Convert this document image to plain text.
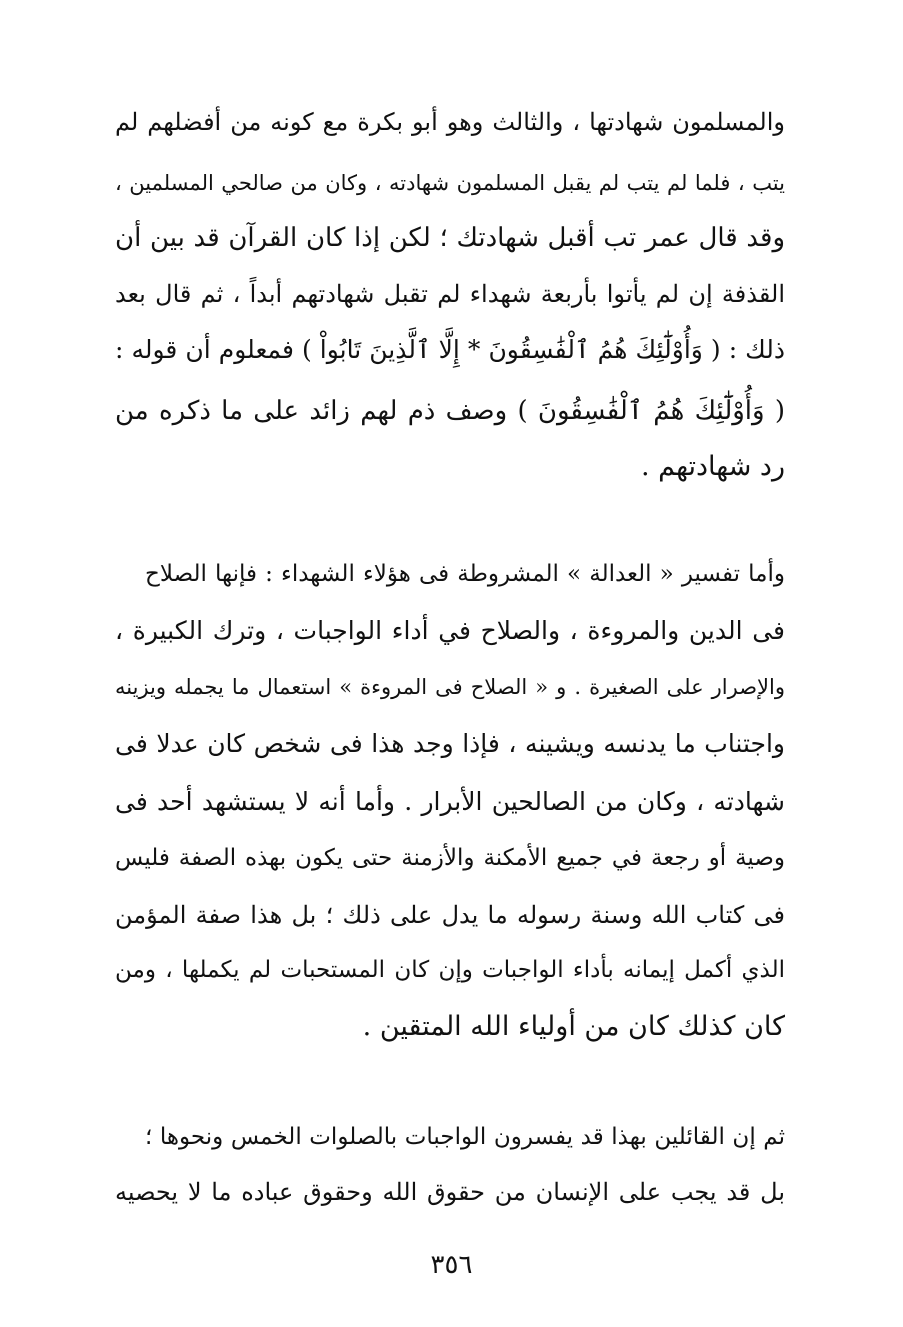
والمسلمون شهادتها ، والثالث وهو أبو بكرة مع كونه من أفضلهم لم
يتب ، فلما لم يتب لم يقبل المسلمون شهادته ، وكان من صالحي المسلمين ،
وقد قال عمر تب أقبل شهادتك ؛ لكن إذا كان القرآن قد بين أن
القذفة إن لم يأتوا بأربعة شهداء لم تقبل شهادتهم أبداً ، ثم قال بعد
ذلك : ( وَأُوْلَٰٓئِكَ هُمُ ٱلْفَٰسِقُونَ * إِلَّا ٱلَّذِينَ تَابُواْ ) فمعلوم أن قوله :
( وَأُوْلَٰٓئِكَ هُمُ ٱلْفَٰسِقُونَ ) وصف ذم لهم زائد على ما ذكره من
رد شهادتهم .
وأما تفسير « العدالة » المشروطة فى هؤلاء الشهداء : فإنها الصلاح
فى الدين والمروءة ، والصلاح في أداء الواجبات ، وترك الكبيرة ،
والإصرار على الصغيرة . و « الصلاح فى المروءة » استعمال ما يجمله ويزينه
واجتناب ما يدنسه ويشينه ، فإذا وجد هذا فى شخص كان عدلا فى
شهادته ، وكان من الصالحين الأبرار . وأما أنه لا يستشهد أحد فى
وصية أو رجعة في جميع الأمكنة والأزمنة حتى يكون بهذه الصفة فليس
فى كتاب الله وسنة رسوله ما يدل على ذلك ؛ بل هذا صفة المؤمن
الذي أكمل إيمانه بأداء الواجبات وإن كان المستحبات لم يكملها ، ومن
كان كذلك كان من أولياء الله المتقين .
ثم إن القائلين بهذا قد يفسرون الواجبات بالصلوات الخمس ونحوها ؛
بل قد يجب على الإنسان من حقوق الله وحقوق عباده ما لا يحصيه
٣٥٦
